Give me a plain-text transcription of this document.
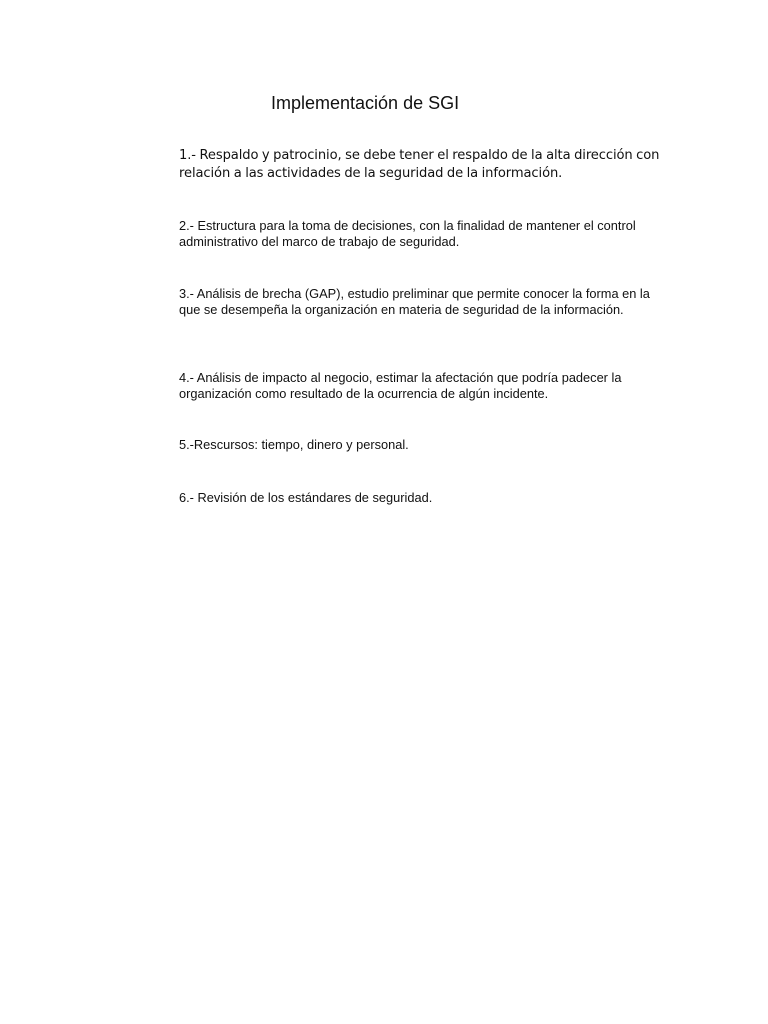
Implementación de SGI

1.- Respaldo y patrocinio, se debe tener el respaldo de la alta dirección con relación a las actividades de la seguridad de la información.

2.- Estructura para la toma de decisiones, con la finalidad de mantener el control administrativo del marco de trabajo de seguridad.

3.- Análisis de brecha (GAP), estudio preliminar que permite conocer la forma en la que se desempeña la organización en materia de seguridad de la información.

4.- Análisis de impacto al negocio, estimar la afectación que podría padecer la organización como resultado de la ocurrencia de algún incidente.

5.-Rescursos: tiempo, dinero y personal.

6.- Revisión de los estándares de seguridad.
